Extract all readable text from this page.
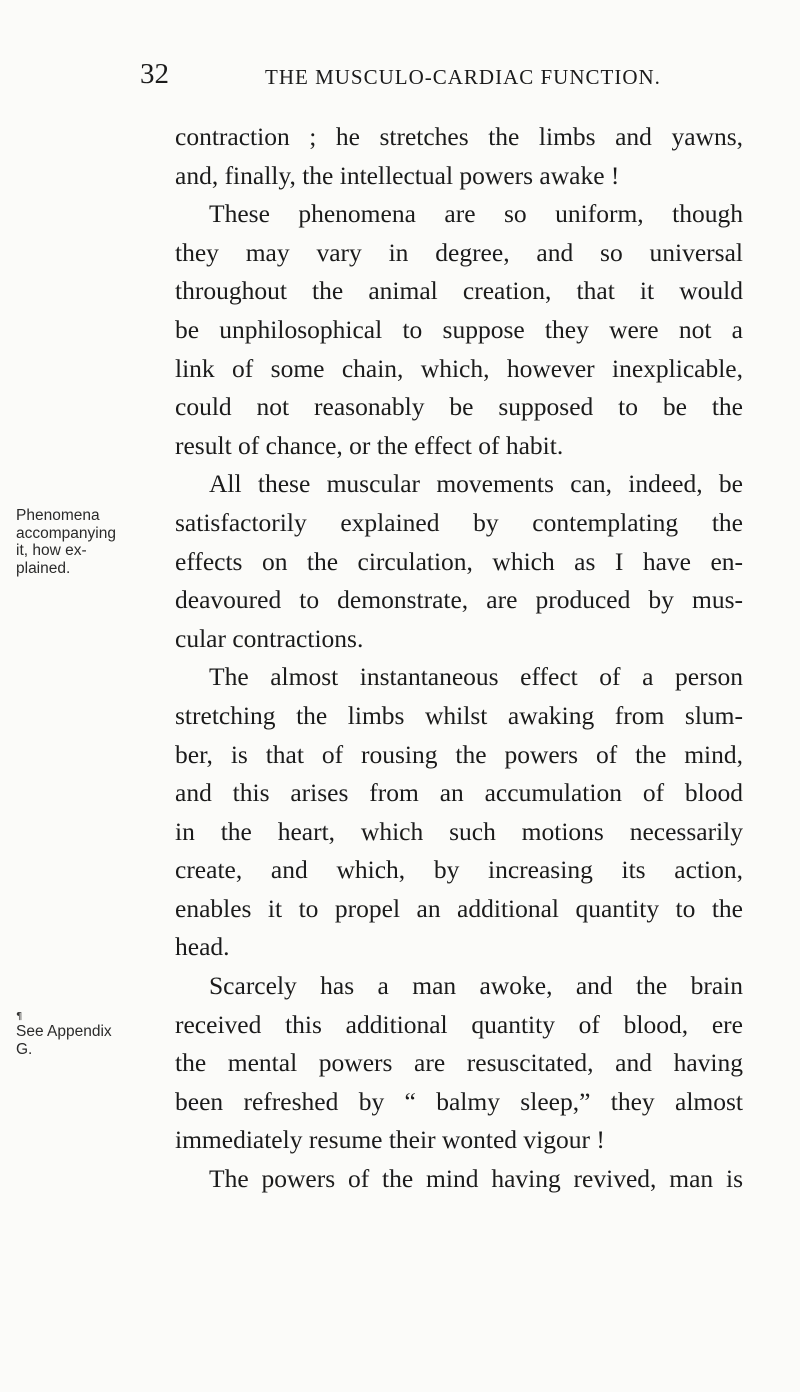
32	THE MUSCULO-CARDIAC FUNCTION.
contraction ; he stretches the limbs and yawns,
and, finally, the intellectual powers awake !
These phenomena are so uniform, though
they may vary in degree, and so universal
throughout the animal creation, that it would
be unphilosophical to suppose they were not a
link of some chain, which, however inexplicable,
could not reasonably be supposed to be the
result of chance, or the effect of habit.
All these muscular movements can, indeed, be
satisfactorily explained by contemplating the
effects on the circulation, which as I have en-
deavoured to demonstrate, are produced by mus-
cular contractions.
The almost instantaneous effect of a person
stretching the limbs whilst awaking from slum-
ber, is that of rousing the powers of the mind,
and this arises from an accumulation of blood
in the heart, which such motions necessarily
create, and which, by increasing its action,
enables it to propel an additional quantity to the
head.
Scarcely has a man awoke, and the brain
received this additional quantity of blood, ere
the mental powers are resuscitated, and having
been refreshed by “ balmy sleep,” they almost
immediately resume their wonted vigour !
The powers of the mind having revived, man is
Phenomena
accompanying
it, how ex-
plained.
¶
See Appendix
G.
